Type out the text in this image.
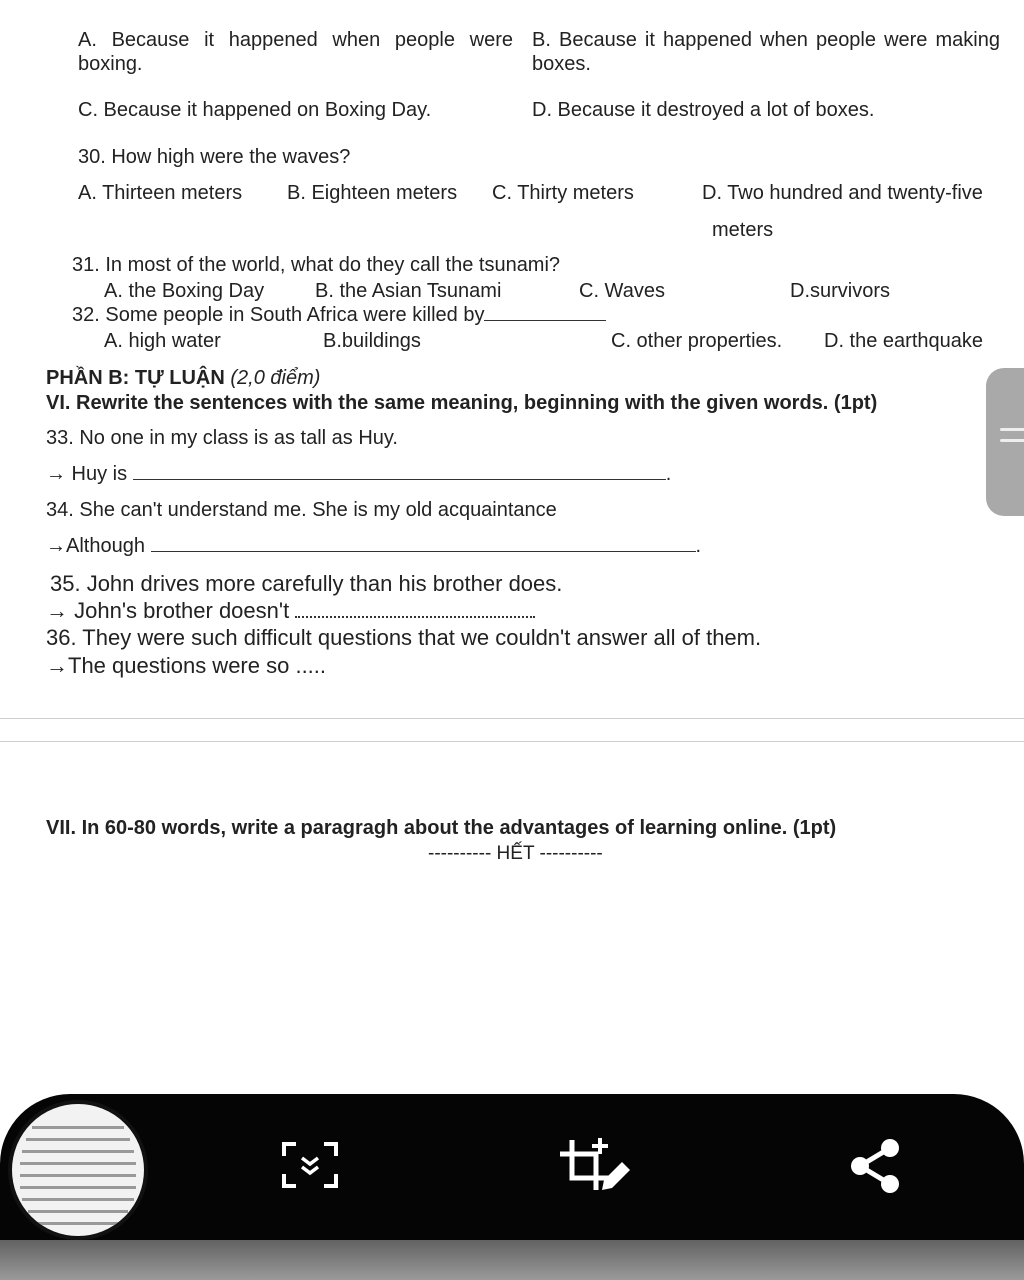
A. Because it happened when people were boxing.
B. Because it happened when people were making boxes.
C. Because it happened on Boxing Day.	D. Because it destroyed a lot of boxes.
30. How high were the waves?
A. Thirteen meters B. Eighteen meters C. Thirty meters	D. Two hundred and twenty-five
meters
31. In most of the world, what do they call the tsunami?
A. the Boxing Day	B. the Asian Tsunami	C. Waves	D.survivors
32. Some people in South Africa were killed by
A. high water	B.buildings	C. other properties. D. the earthquake
PHẦN B: TỰ LUẬN (2,0 điểm)
VI. Rewrite the sentences with the same meaning, beginning with the given words. (1pt)
33. No one in my class is as tall as Huy.
→ Huy is	.
34. She can't understand me. She is my old acquaintance
→Although	.
35. John drives more carefully than his brother does.
→ John's brother doesn't
36. They were such difficult questions that we couldn't answer all of them.
→The questions were so .....
VII. In 60-80 words, write a paragragh about the advantages of learning online. (1pt)
---------- HẾT ----------
